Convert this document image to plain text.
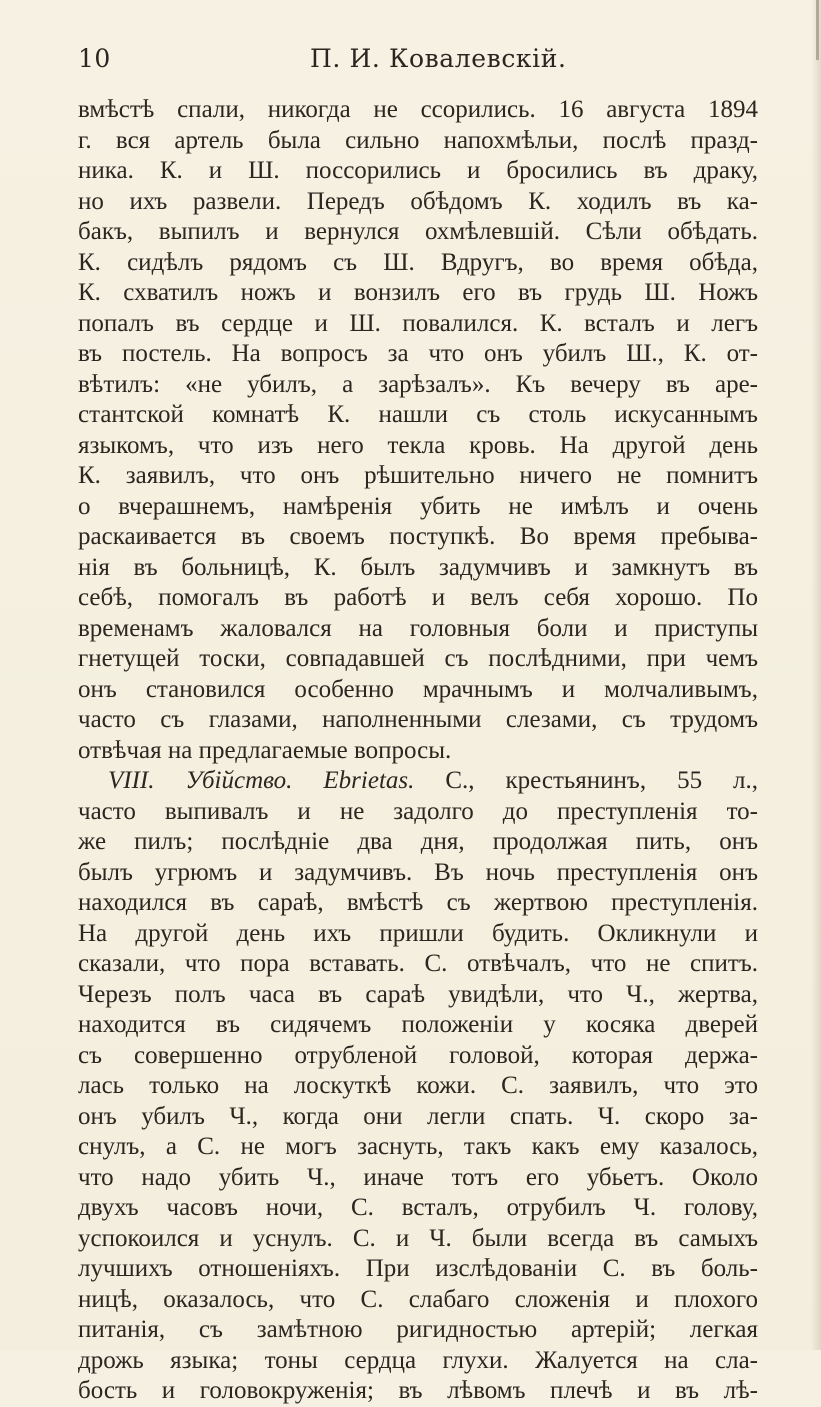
10	П. И. Ковалевскій.
вмѣстѣ спали, никогда не ссорились. 16 августа 1894
г. вся артель была сильно напохмѣльи, послѣ празд-
ника. К. и Ш. поссорились и бросились въ драку,
но ихъ развели. Передъ обѣдомъ К. ходилъ въ ка-
бакъ, выпилъ и вернулся охмѣлевшій. Сѣли обѣдать.
К. сидѣлъ рядомъ съ Ш. Вдругъ, во время обѣда,
К. схватилъ ножъ и вонзилъ его въ грудь Ш. Ножъ
попалъ въ сердце и Ш. повалился. К. всталъ и легъ
въ постель. На вопросъ за что онъ убилъ Ш., К. от-
вѣтилъ: «не убилъ, а зарѣзалъ». Къ вечеру въ аре-
стантской комнатѣ К. нашли съ столь искусаннымъ
языкомъ, что изъ него текла кровь. На другой день
К. заявилъ, что онъ рѣшительно ничего не помнитъ
о вчерашнемъ, намѣренія убить не имѣлъ и очень
раскаивается въ своемъ поступкѣ. Во время пребыва-
нія въ больницѣ, К. былъ задумчивъ и замкнутъ въ
себѣ, помогалъ въ работѣ и велъ себя хорошо. По
временамъ жаловался на головныя боли и приступы
гнетущей тоски, совпадавшей съ послѣдними, при чемъ
онъ становился особенно мрачнымъ и молчаливымъ,
часто съ глазами, наполненными слезами, съ трудомъ
отвѣчая на предлагаемые вопросы.
VIII. Убійство. Ebrietas. С., крестьянинъ, 55 л.,
часто выпивалъ и не задолго до преступленія то-
же пилъ; послѣдніе два дня, продолжая пить, онъ
былъ угрюмъ и задумчивъ. Въ ночь преступленія онъ
находился въ сараѣ, вмѣстѣ съ жертвою преступленія.
На другой день ихъ пришли будить. Окликнули и
сказали, что пора вставать. С. отвѣчалъ, что не спитъ.
Черезъ полъ часа въ сараѣ увидѣли, что Ч., жертва,
находится въ сидячемъ положеніи у косяка дверей
съ совершенно отрубленой головой, которая держа-
лась только на лоскуткѣ кожи. С. заявилъ, что это
онъ убилъ Ч., когда они легли спать. Ч. скоро за-
снулъ, а С. не могъ заснуть, такъ какъ ему казалось,
что надо убить Ч., иначе тотъ его убьетъ. Около
двухъ часовъ ночи, С. всталъ, отрубилъ Ч. голову,
успокоился и уснулъ. С. и Ч. были всегда въ самыхъ
лучшихъ отношеніяхъ. При изслѣдованіи С. въ боль-
ницѣ, оказалось, что С. слабаго сложенія и плохого
питанія, съ замѣтною ригидностью артерій; легкая
дрожь языка; тоны сердца глухи. Жалуется на сла-
бость и головокруженія; въ лѣвомъ плечѣ и въ лѣ-
